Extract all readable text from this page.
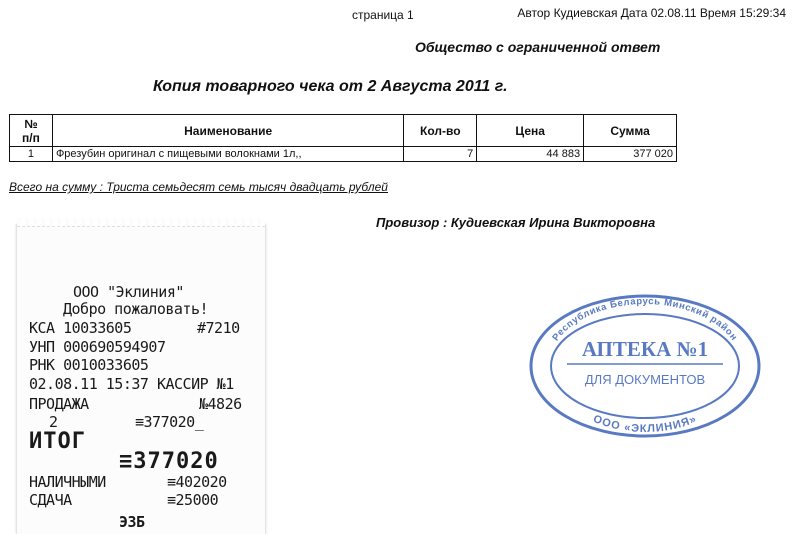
страница 1	Автор Кудиевская Дата 02.08.11 Время 15:29:34
Общество с ограниченной ответ
Копия товарного чека от 2 Августа 2011 г.
№
п/п	Наименование	Кол-во	Цена	Сумма
1	Фрезубин оригинал с пищевыми волокнами 1л,,	7	44 883	377 020
Всего на сумму : Триста семьдесят семь тысяч двадцать рублей
Провизор : Кудиевская Ирина Викторовна
ООО "Эклиния"
Добро пожаловать!
КСА 10033605	#7210
УНП 000690594907
РНК 0010033605
02.08.11 15:37 КАССИР №1
ПРОДАЖА	№4826
2	≡377020_
ИТОГ
≡377020
НАЛИЧНЫМИ	≡402020
СДАЧА	≡25000
ЭЗБ
Республика Беларусь Минский район
АПТЕКА №1
ДЛЯ ДОКУМЕНТОВ
ООО «ЭКЛИНИЯ»
